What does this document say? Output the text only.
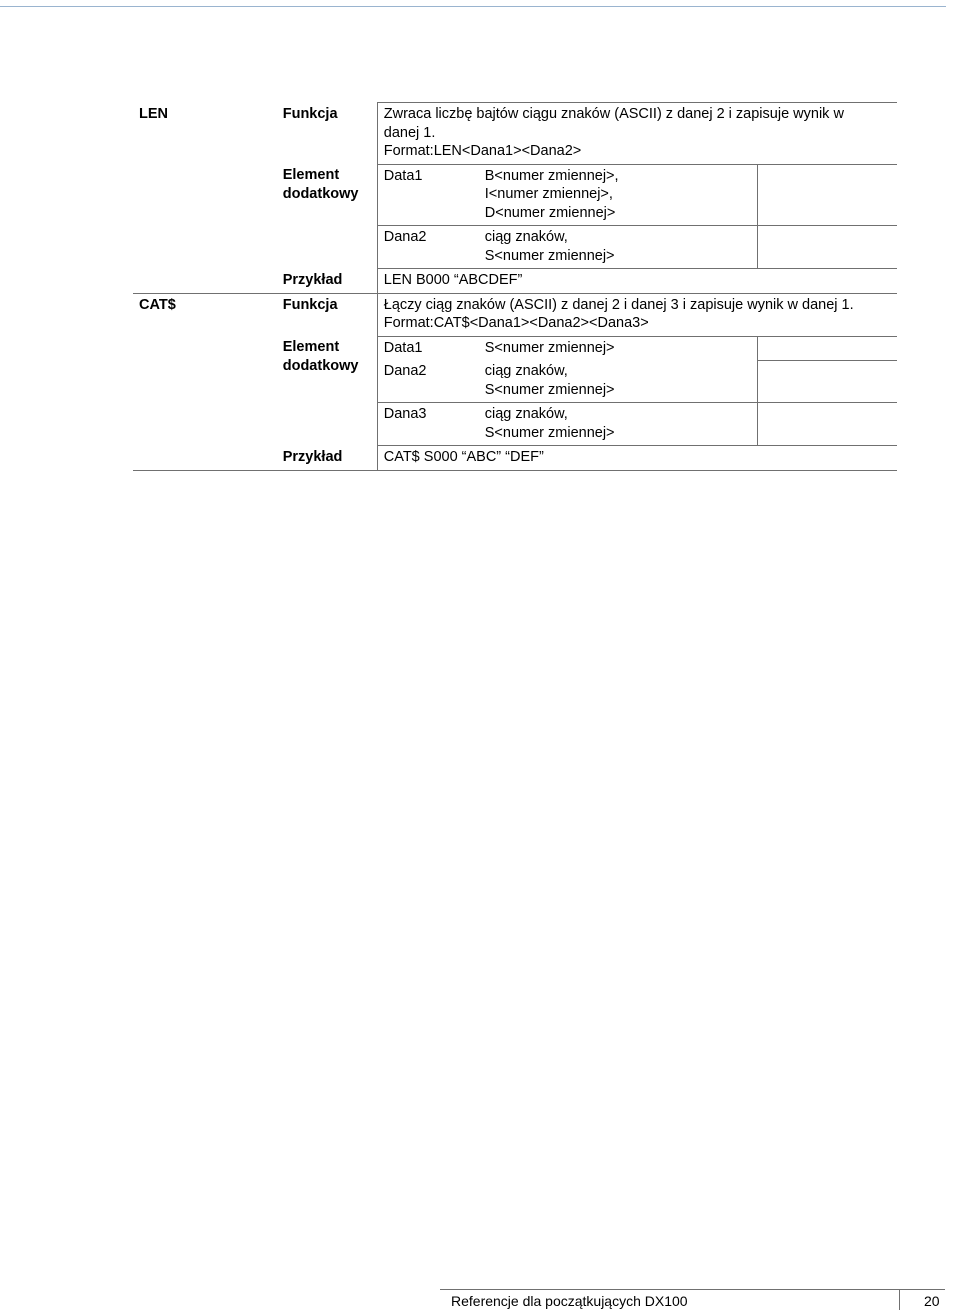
LEN	Funkcja	Zwraca liczbę bajtów ciągu znaków (ASCII) z danej 2 i zapisuje wynik w
danej 1.
Format:LEN<Dana1><Dana2>		

	Element
dodatkowy	Data1	B<numer zmiennej>,
I<numer zmiennej>,
D<numer zmiennej>	

		Dana2	ciąg znaków,
S<numer zmiennej>	

	Przykład	LEN B000 “ABCDEF”		
CAT$	Funkcja	Łączy ciąg znaków (ASCII) z danej 2 i danej 3 i zapisuje wynik w danej 1.
Format:CAT$<Dana1><Dana2><Dana3>		

	Element
dodatkowy	Data1	S<numer zmiennej>	
		Dana2	ciąg znaków,
S<numer zmiennej>	

		Dana3	ciąg znaków,
S<numer zmiennej>	

	Przykład	CAT$ S000 “ABC” “DEF”		
Referencje dla początkujących DX100	20
